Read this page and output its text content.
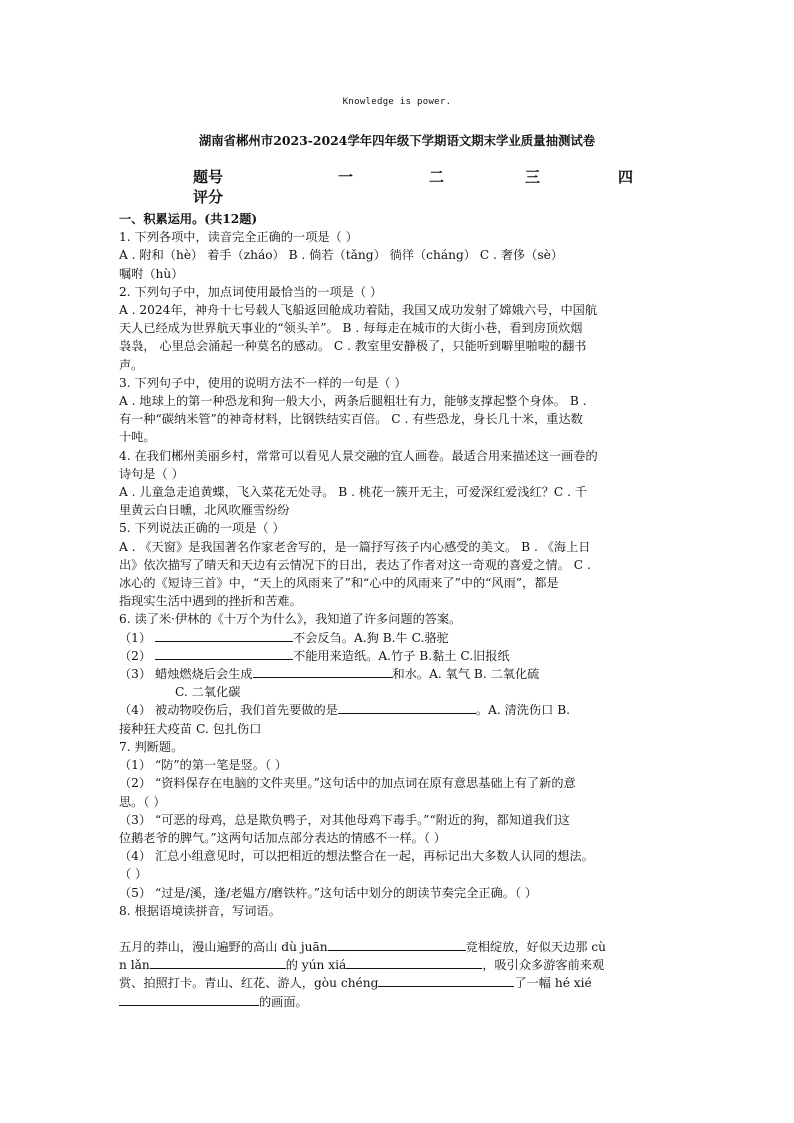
Knowledge is power.
湖南省郴州市2023-2024学年四年级下学期语文期末学业质量抽测试卷
题号	一	二	三	四
评分
一、积累运用。(共12题)
1. 下列各项中，读音完全正确的一项是（ ）
A . 附和（hè） 着手（zháo） B . 倘若（tǎng） 徜徉（cháng） C . 奢侈（sè）
嘱咐（hù）
2. 下列句子中，加点词使用最恰当的一项是（ ）
A . 2024年，神舟十七号载人飞船返回舱成功着陆，我国又成功发射了嫦娥六号，中国航
天人已经成为世界航天事业的“领头羊”。 B . 每每走在城市的大街小巷，看到房顶炊烟
袅袅， 心里总会涌起一种莫名的感动。 C . 教室里安静极了，只能听到噼里啪啦的翻书
声。
3. 下列句子中，使用的说明方法不一样的一句是（ ）
A . 地球上的第一种恐龙和狗一般大小，两条后腿粗壮有力，能够支撑起整个身体。 B .
有一种“碳纳米管”的神奇材料，比钢铁结实百倍。 C . 有些恐龙，身长几十米，重达数
十吨。
4. 在我们郴州美丽乡村，常常可以看见人景交融的宜人画卷。最适合用来描述这一画卷的
诗句是（ ）
A . 儿童急走追黄蝶，飞入菜花无处寻。 B . 桃花一簇开无主，可爱深红爱浅红？C . 千
里黄云白日曛，北风吹雁雪纷纷
5. 下列说法正确的一项是（ ）
A . 《天窗》是我国著名作家老舍写的，是一篇抒写孩子内心感受的美文。 B . 《海上日
出》依次描写了晴天和天边有云情况下的日出，表达了作者对这一奇观的喜爱之情。 C .
冰心的《短诗三首》中，“天上的风雨来了”和“心中的风雨来了”中的“风雨”，都是
指现实生活中遇到的挫折和苦难。
6. 读了米·伊林的《十万个为什么》，我知道了许多问题的答案。
（1）	不会反刍。A.狗 B.牛 C.骆驼
（2）	不能用来造纸。A.竹子 B.黏土 C.旧报纸
（3） 蜡烛燃烧后会生成	和水。A. 氧气 B. 二氧化硫
C. 二氧化碳
（4） 被动物咬伤后，我们首先要做的是	。A. 清洗伤口 B.
接种狂犬疫苗 C. 包扎伤口
7. 判断题。
（1） “防”的第一笔是竖。（ ）
（2） “资料保存在电脑的文件夹里。”这句话中的加点词在原有意思基础上有了新的意
思。（ ）
（3） “可恶的母鸡，总是欺负鸭子，对其他母鸡下毒手。”“附近的狗，都知道我们这
位鹅老爷的脾气。”这两句话加点部分表达的情感不一样。（ ）
（4） 汇总小组意见时，可以把相近的想法整合在一起，再标记出大多数人认同的想法。
（ ）
（5） “过是/溪，逢/老媪方/磨铁杵。”这句话中划分的朗读节奏完全正确。（ ）
8. 根据语境读拼音，写词语。
五月的莽山，漫山遍野的高山 dù juān	竞相绽放，好似天边那 cù
n lǎn	的 yún xiá	，吸引众多游客前来观
赏、拍照打卡。青山、红花、游人，gòu chéng	了一幅 hé xié
的画面。
